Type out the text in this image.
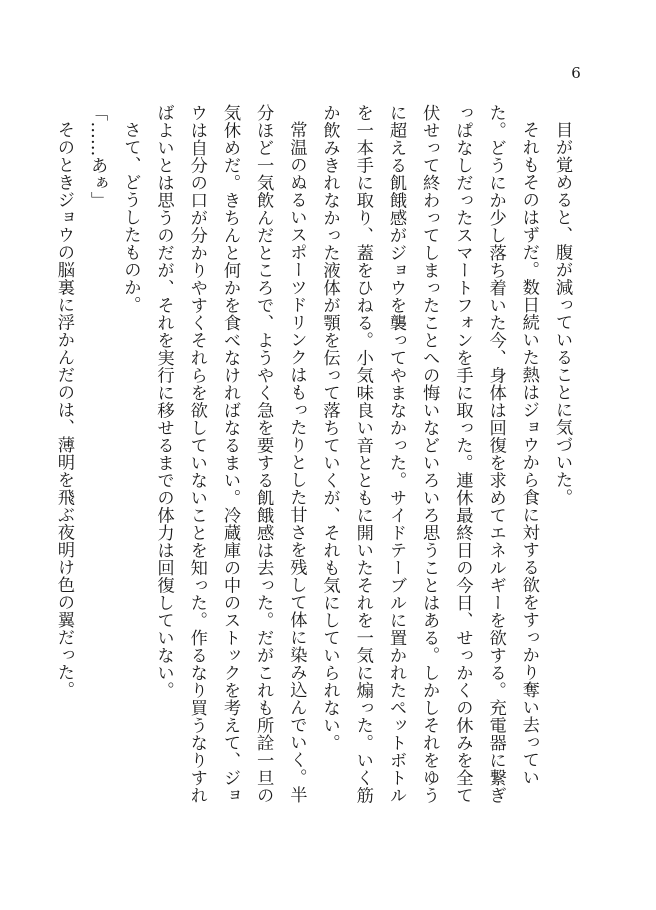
6

目が覚めると、腹が減っていることに気づいた。

それもそのはずだ。数日続いた熱はジョウから食に対する欲をすっかり奪い去っていた。どうにか少し落ち着いた今、身体は回復を求めてエネルギーを欲する。充電器に繋ぎっぱなしだったスマートフォンを手に取った。連休最終日の今日、せっかくの休みを全て伏せって終わってしまったことへの悔いなどいろいろ思うことはある。しかしそれをゆうに超える飢餓感がジョウを襲ってやまなかった。サイドテーブルに置かれたペットボトルを一本手に取り、蓋をひねる。小気味良い音とともに開いたそれを一気に煽った。いく筋か飲みきれなかった液体が顎を伝って落ちていくが、それも気にしていられない。

常温のぬるいスポーツドリンクはもったりとした甘さを残して体に染み込んでいく。半分ほど一気飲んだところで、ようやく急を要する飢餓感は去った。だがこれも所詮一旦の気休めだ。きちんと何かを食べなければなるまい。冷蔵庫の中のストックを考えて、ジョウは自分の口が分かりやすくそれらを欲していないことを知った。作るなり買うなりすればよいとは思うのだが、それを実行に移せるまでの体力は回復していない。

さて、どうしたものか。

「……あぁ」

そのときジョウの脳裏に浮かんだのは、薄明を飛ぶ夜明け色の翼だった。
